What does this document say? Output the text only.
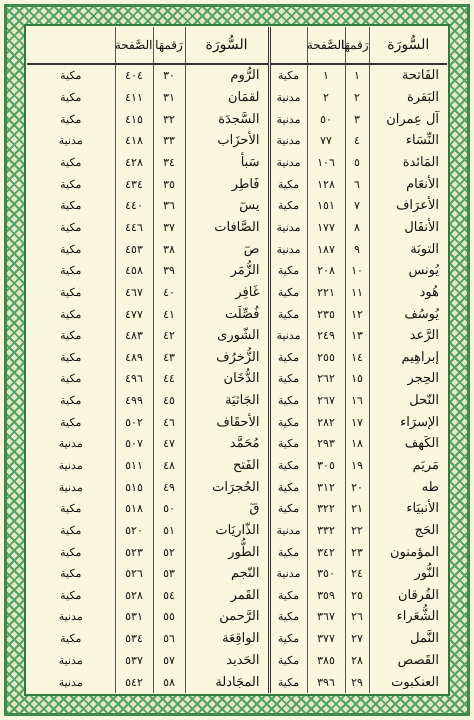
السُّورَة	رَقمهَا	الصَّفحة		السُّورَة	رَقمهَا	الصَّفحة	
الفَاتحة	١	١	مكية	الرُّوم	٣٠	٤٠٤	مكية
البَقرة	٢	٢	مدنية	لقمَان	٣١	٤١١	مكية
آل عِمران	٣	٥٠	مدنية	السَّجدَة	٣٢	٤١٥	مكية
النِّسَاء	٤	٧٧	مدنية	الأحزَاب	٣٣	٤١٨	مدنية
المَائدة	٥	١٠٦	مدنية	سَبأ	٣٤	٤٢٨	مكية
الأنعَام	٦	١٢٨	مكية	فَاطِر	٣٥	٤٣٤	مكية
الأعرَاف	٧	١٥١	مكية	يسٓ	٣٦	٤٤٠	مكية
الأنفَال	٨	١٧٧	مدنية	الصَّافات	٣٧	٤٤٦	مكية
التوبَة	٩	١٨٧	مدنية	صٓ	٣٨	٤٥٣	مكية
يُونس	١٠	٢٠٨	مكية	الزُّمَر	٣٩	٤٥٨	مكية
هُود	١١	٢٢١	مكية	غَافِر	٤٠	٤٦٧	مكية
يُوسُف	١٢	٢٣٥	مكية	فُصِّلَت	٤١	٤٧٧	مكية
الرَّعد	١٣	٢٤٩	مدنية	الشّورى	٤٢	٤٨٣	مكية
إبراهِيم	١٤	٢٥٥	مكية	الزُّخرُف	٤٣	٤٨٩	مكية
الحِجر	١٥	٢٦٢	مكية	الدُّخَان	٤٤	٤٩٦	مكية
النّحل	١٦	٢٦٧	مكية	الجَاثيَة	٤٥	٤٩٩	مكية
الإسرَاء	١٧	٢٨٢	مكية	الأحقَاف	٤٦	٥٠٢	مكية
الكَهف	١٨	٢٩٣	مكية	مُحَمَّد	٤٧	٥٠٧	مدنية
مَريَم	١٩	٣٠٥	مكية	الفَتح	٤٨	٥١١	مدنية
طه	٢٠	٣١٢	مكية	الحُجرَات	٤٩	٥١٥	مدنية
الأنبيَاء	٢١	٣٢٢	مكية	قٓ	٥٠	٥١٨	مكية
الحَج	٢٢	٣٣٢	مدنية	الذّاريَات	٥١	٥٢٠	مكية
المؤمنون	٢٣	٣٤٢	مكية	الطُّور	٥٢	٥٢٣	مكية
النُّور	٢٤	٣٥٠	مدنية	النّجم	٥٣	٥٢٦	مكية
الفُرقان	٢٥	٣٥٩	مكية	القَمر	٥٤	٥٢٨	مكية
الشُّعَراء	٢٦	٣٦٧	مكية	الرَّحمن	٥٥	٥٣١	مدنية
النَّمل	٢٧	٣٧٧	مكية	الواقِعَة	٥٦	٥٣٤	مكية
القَصص	٢٨	٣٨٥	مكية	الحَديد	٥٧	٥٣٧	مدنية
العنكبوت	٢٩	٣٩٦	مكية	المجَادلة	٥٨	٥٤٢	مدنية
